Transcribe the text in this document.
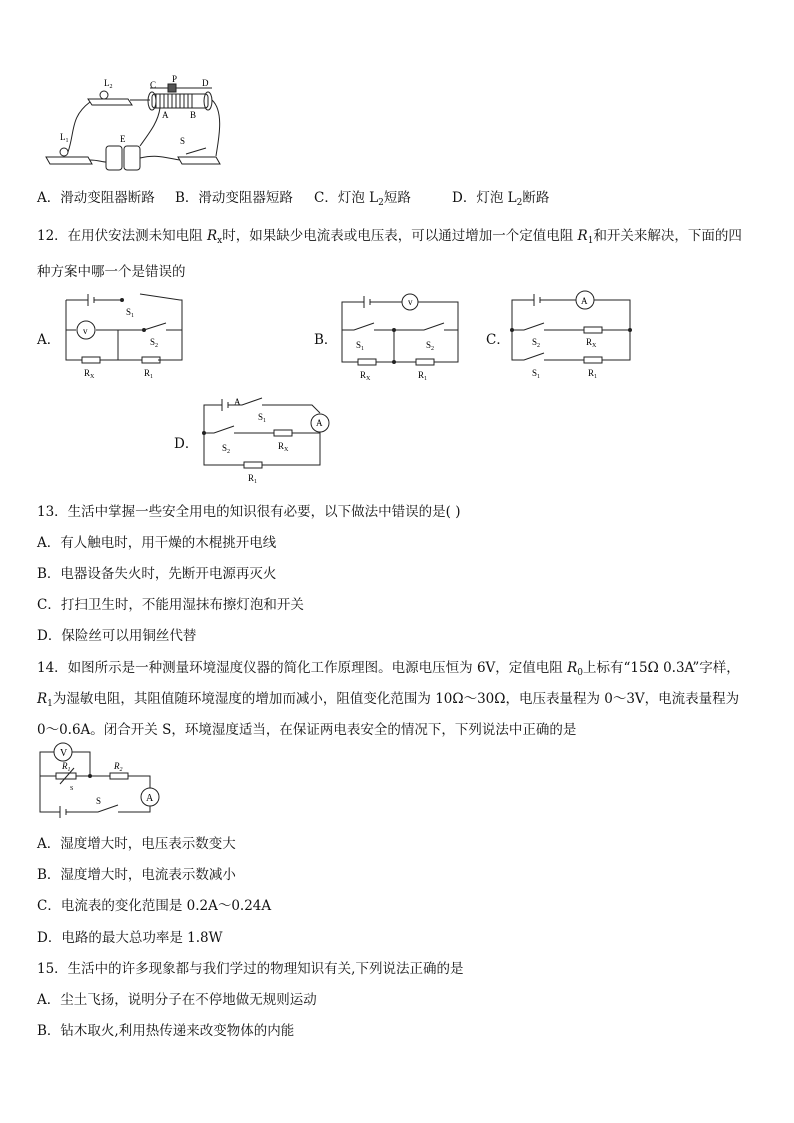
$L_2$
$L_1$
C
P	D
A B
E	S
A．滑动变阻器断路 B．滑动变阻器短路 C．灯泡 $L_2$短路	D．灯泡 $L_2$断路
12．在用伏安法测未知电阻 $R_x$时，如果缺少电流表或电压表，可以通过增加一个定值电阻 $R_1$和开关来解决，下面的四
种方案中哪一个是错误的
A．
v
$S_1$
$S_2$
$R_X$	$R_1$
B．
v
$S_1$	$S_2$
$R_X$	$R_1$
C．
A
$S_2$	$R_X$
$S_1$	$R_1$
D．
A
A
$S_1$
$S_2$
$R_X$
$R_1$
13．生活中掌握一些安全用电的知识很有必要，以下做法中错误的是( )
A．有人触电时，用干燥的木棍挑开电线
B．电器设备失火时，先断开电源再灭火
C．打扫卫生时，不能用湿抹布擦灯泡和开关
D．保险丝可以用铜丝代替
14．如图所示是一种测量环境湿度仪器的简化工作原理图。电源电压恒为 6V，定值电阻 $R_0$上标有“15Ω 0.3A”字样，
$R_1$为湿敏电阻，其阻值随环境湿度的增加而减小，阻值变化范围为 10Ω～30Ω，电压表量程为 0～3V，电流表量程为
0～0.6A。闭合开关 S，环境湿度适当，在保证两电表安全的情况下，下列说法中正确的是
V
A
$R_1$	$R_2$
S
S
A．湿度增大时，电压表示数变大
B．湿度增大时，电流表示数减小
C．电流表的变化范围是 0.2A～0.24A
D．电路的最大总功率是 1.8W
15．生活中的许多现象都与我们学过的物理知识有关,下列说法正确的是
A．尘土飞扬，说明分子在不停地做无规则运动
B．钻木取火,利用热传递来改变物体的内能
